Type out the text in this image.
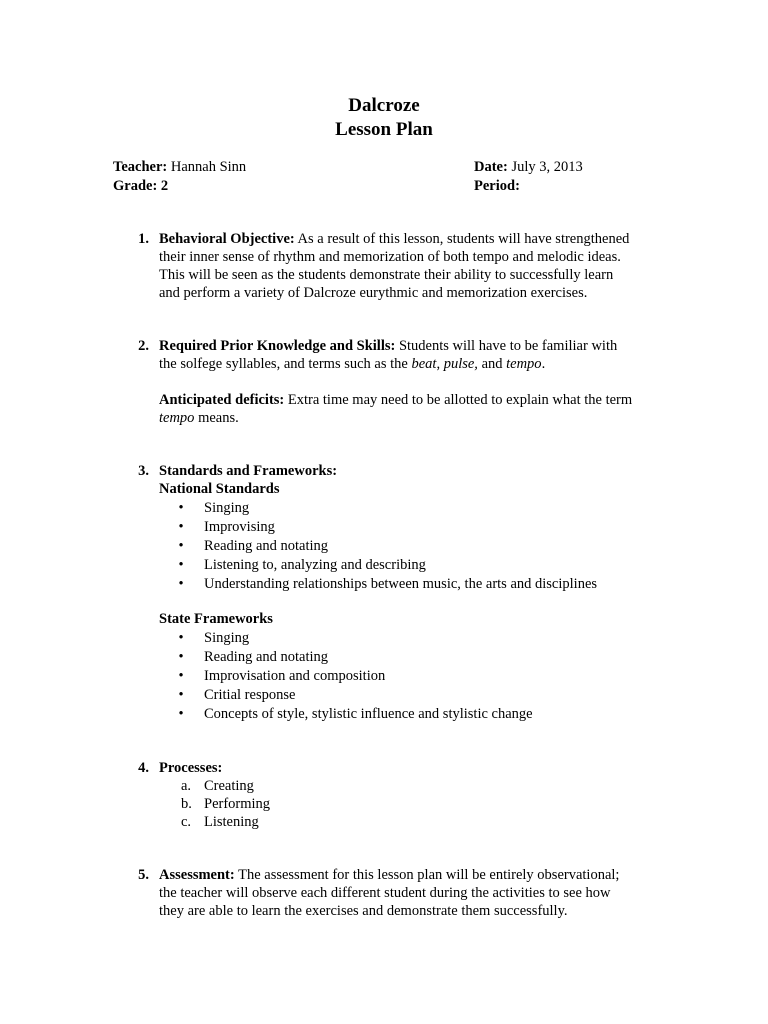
Dalcroze
Lesson Plan
Teacher: Hannah Sinn
Grade: 2
Date: July 3, 2013
Period:
1. Behavioral Objective: As a result of this lesson, students will have strengthened
their inner sense of rhythm and memorization of both tempo and melodic ideas.
This will be seen as the students demonstrate their ability to successfully learn
and perform a variety of Dalcroze eurythmic and memorization exercises.
2. Required Prior Knowledge and Skills: Students will have to be familiar with
the solfege syllables, and terms such as the beat, pulse, and tempo.
Anticipated deficits: Extra time may need to be allotted to explain what the term
tempo means.
3. Standards and Frameworks:
National Standards
• Singing
• Improvising
• Reading and notating
• Listening to, analyzing and describing
• Understanding relationships between music, the arts and disciplines
State Frameworks
• Singing
• Reading and notating
• Improvisation and composition
• Critial response
• Concepts of style, stylistic influence and stylistic change
4. Processes:
a. Creating
b. Performing
c. Listening
5. Assessment: The assessment for this lesson plan will be entirely observational;
the teacher will observe each different student during the activities to see how
they are able to learn the exercises and demonstrate them successfully.
